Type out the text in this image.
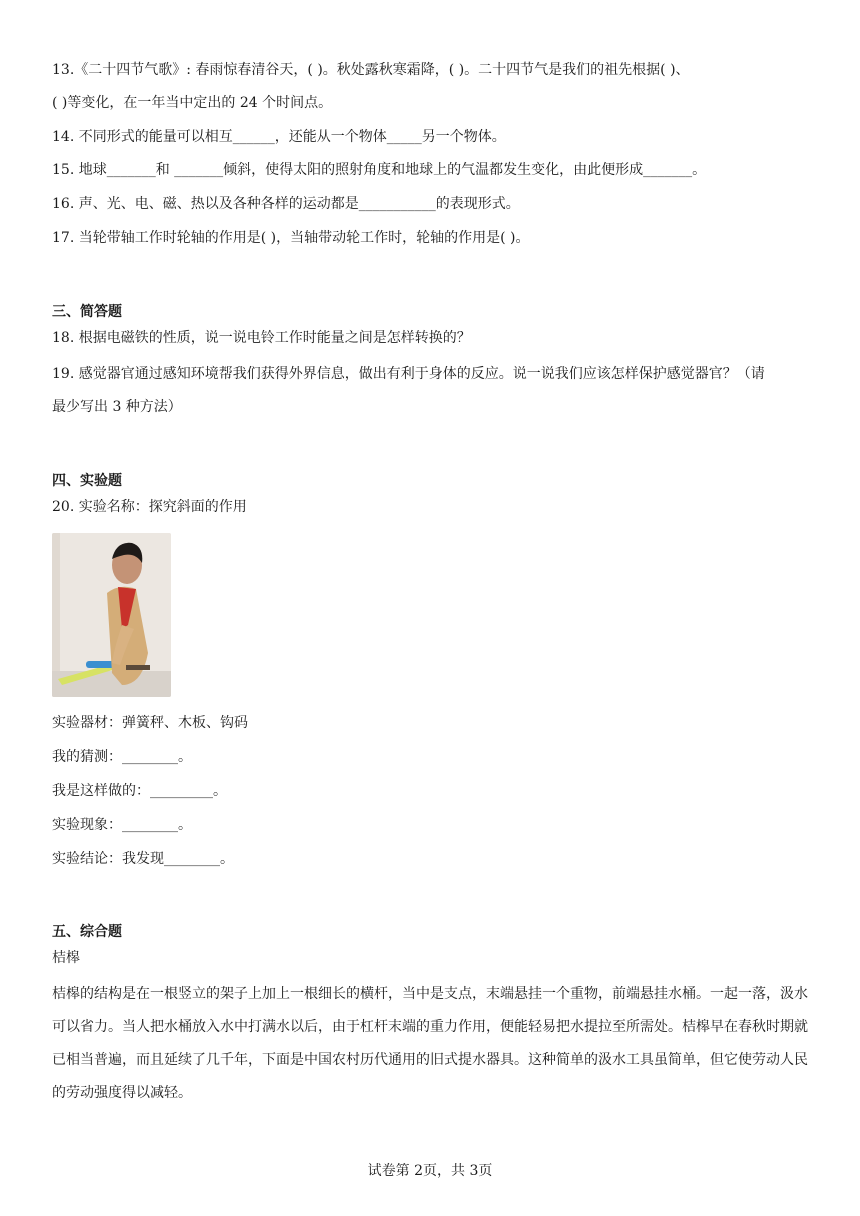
13.《二十四节气歌》: 春雨惊春清谷天，( )。秋处露秋寒霜降，( )。二十四节气是我们的祖先根据( )、
( )等变化，在一年当中定出的 24 个时间点。
14. 不同形式的能量可以相互______，还能从一个物体_____另一个物体。
15. 地球_______和 _______倾斜，使得太阳的照射角度和地球上的气温都发生变化，由此便形成_______。
16. 声、光、电、磁、热以及各种各样的运动都是___________的表现形式。
17. 当轮带轴工作时轮轴的作用是( )，当轴带动轮工作时，轮轴的作用是( )。
三、简答题
18. 根据电磁铁的性质，说一说电铃工作时能量之间是怎样转换的？
19. 感觉器官通过感知环境帮我们获得外界信息，做出有利于身体的反应。说一说我们应该怎样保护感觉器官？（请
最少写出 3 种方法）
四、实验题
20. 实验名称：探究斜面的作用
实验器材：弹簧秤、木板、钩码
我的猜测：________。
我是这样做的：_________。
实验现象：________。
实验结论：我发现________。
五、综合题
桔槔
桔槔的结构是在一根竖立的架子上加上一根细长的横杆，当中是支点，末端悬挂一个重物，前端悬挂水桶。一起一落，汲水可以省力。当人把水桶放入水中打满水以后，由于杠杆末端的重力作用，便能轻易把水提拉至所需处。桔槔早在春秋时期就已相当普遍，而且延续了几千年，下面是中国农村历代通用的旧式提水器具。这种简单的汲水工具虽简单，但它使劳动人民的劳动强度得以减轻。
试卷第 2页，共 3页
